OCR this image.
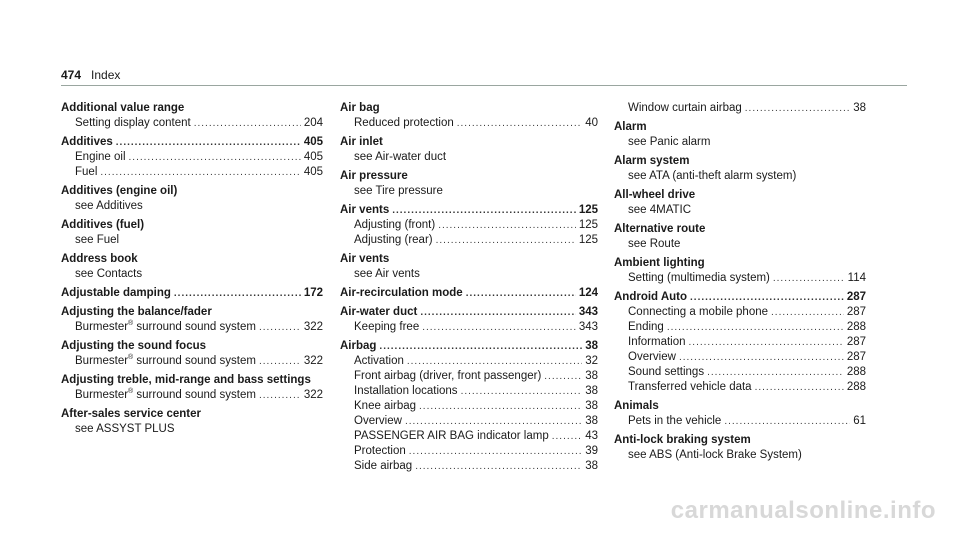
474 Index
Additional value range
Setting display content .....	204
Additives .....	405
Engine oil .....	405
Fuel .....	405
Additives (engine oil)
see Additives
Additives (fuel)
see Fuel
Address book
see Contacts
Adjustable damping .....	172
Adjusting the balance/fader
Burmester® surround sound system .....	322
Adjusting the sound focus
Burmester® surround sound system .....	322
Adjusting treble, mid-range and bass settings
Burmester® surround sound system .....	322
After-sales service center
see ASSYST PLUS
Air bag
Reduced protection .....	40
Air inlet
see Air-water duct
Air pressure
see Tire pressure
Air vents .....	125
Adjusting (front) .....	125
Adjusting (rear) .....	125
Air vents
see Air vents
Air-recirculation mode .....	124
Air-water duct .....	343
Keeping free .....	343
Airbag .....	38
Activation .....	32
Front airbag (driver, front passenger) .....	38
Installation locations .....	38
Knee airbag .....	38
Overview .....	38
PASSENGER AIR BAG indicator lamp .....	43
Protection .....	39
Side airbag .....	38
Window curtain airbag .....	38
Alarm
see Panic alarm
Alarm system
see ATA (anti-theft alarm system)
All-wheel drive
see 4MATIC
Alternative route
see Route
Ambient lighting
Setting (multimedia system) .....	114
Android Auto .....	287
Connecting a mobile phone .....	287
Ending .....	288
Information .....	287
Overview .....	287
Sound settings .....	288
Transferred vehicle data .....	288
Animals
Pets in the vehicle .....	61
Anti-lock braking system
see ABS (Anti-lock Brake System)
carmanualsonline.info
